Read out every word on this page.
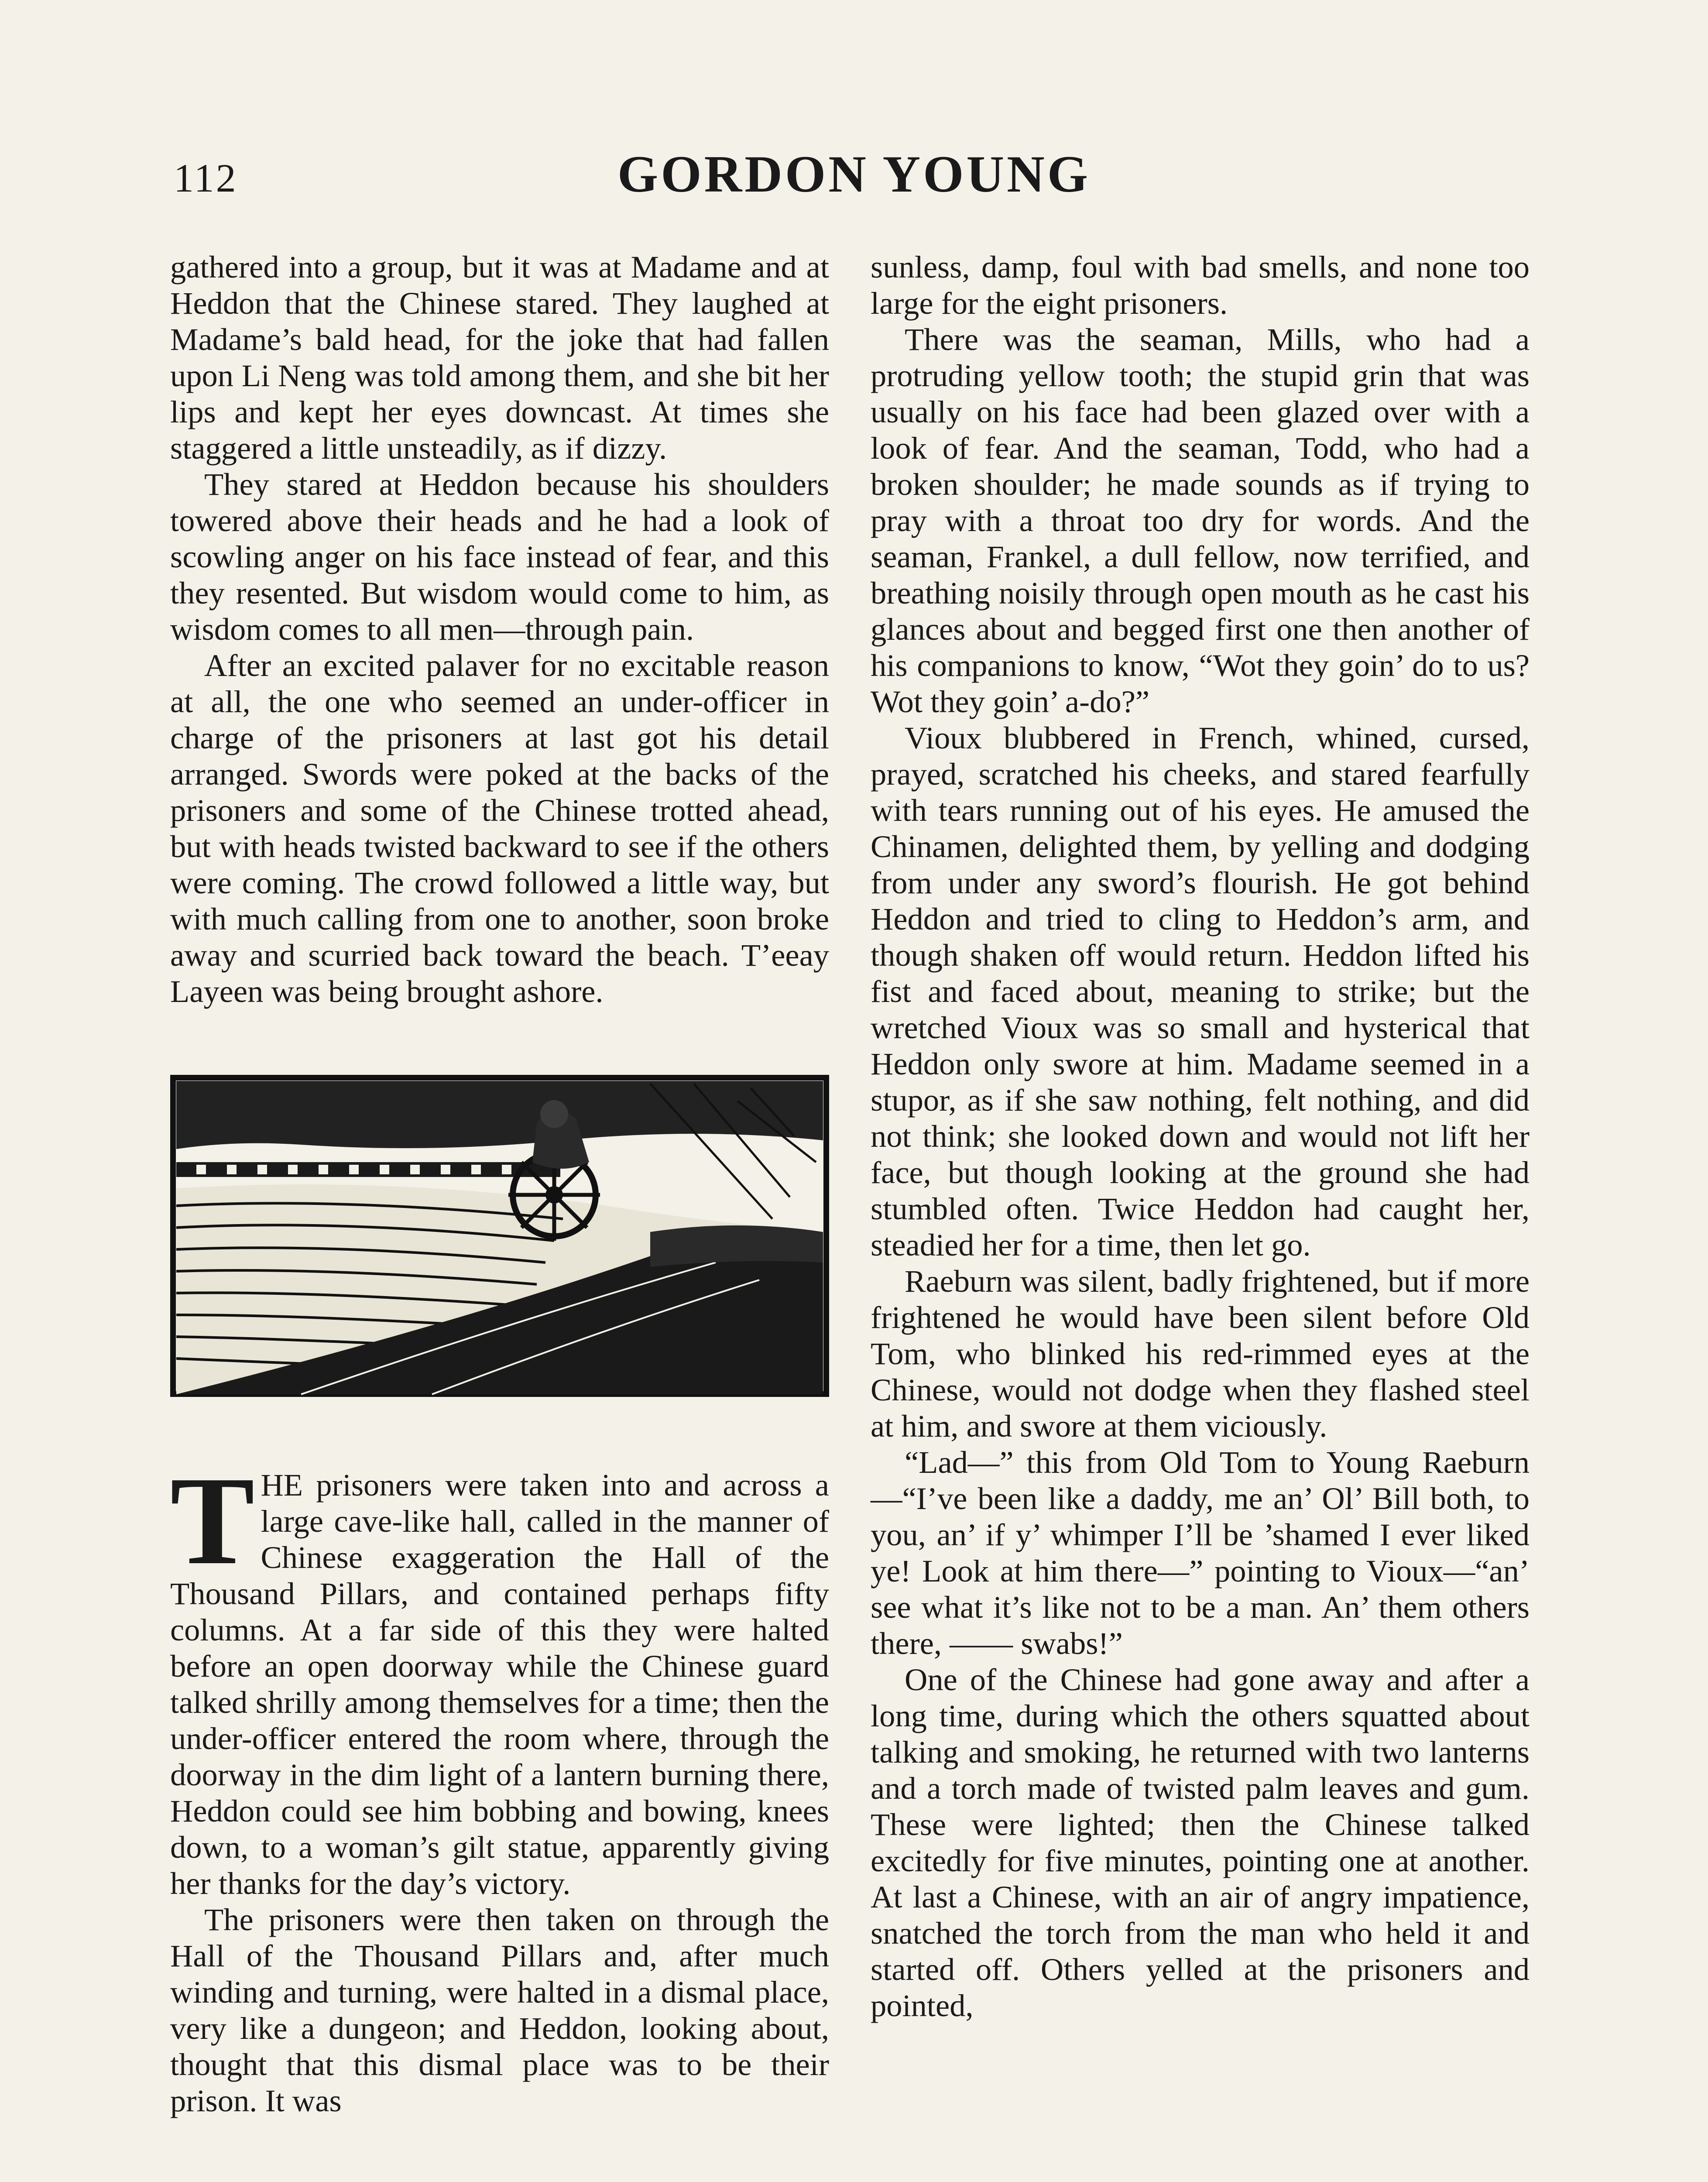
112	GORDON YOUNG

gathered into a group, but it was at Madame and at Heddon that the Chinese stared. They laughed at Madame’s bald head, for the joke that had fallen upon Li Neng was told among them, and she bit her lips and kept her eyes downcast. At times she staggered a little unsteadily, as if dizzy.

They stared at Heddon because his shoulders towered above their heads and he had a look of scowling anger on his face instead of fear, and this they resented. But wisdom would come to him, as wisdom comes to all men—through pain.

After an excited palaver for no excitable reason at all, the one who seemed an under-officer in charge of the prisoners at last got his detail arranged. Swords were poked at the backs of the prisoners and some of the Chinese trotted ahead, but with heads twisted backward to see if the others were coming. The crowd followed a little way, but with much calling from one to another, soon broke away and scurried back toward the beach. T’eeay Layeen was being brought ashore.

THE prisoners were taken into and across a large cave-like hall, called in the manner of Chinese exaggeration the Hall of the Thousand Pillars, and contained perhaps fifty columns. At a far side of this they were halted before an open doorway while the Chinese guard talked shrilly among themselves for a time; then the under-officer entered the room where, through the doorway in the dim light of a lantern burning there, Heddon could see him bobbing and bowing, knees down, to a woman’s gilt statue, apparently giving her thanks for the day’s victory.

The prisoners were then taken on through the Hall of the Thousand Pillars and, after much winding and turning, were halted in a dismal place, very like a dungeon; and Heddon, looking about, thought that this dismal place was to be their prison. It was

sunless, damp, foul with bad smells, and none too large for the eight prisoners.

There was the seaman, Mills, who had a protruding yellow tooth; the stupid grin that was usually on his face had been glazed over with a look of fear. And the seaman, Todd, who had a broken shoulder; he made sounds as if trying to pray with a throat too dry for words. And the seaman, Frankel, a dull fellow, now terrified, and breathing noisily through open mouth as he cast his glances about and begged first one then another of his companions to know, “Wot they goin’ do to us? Wot they goin’ a-do?”

Vioux blubbered in French, whined, cursed, prayed, scratched his cheeks, and stared fearfully with tears running out of his eyes. He amused the Chinamen, delighted them, by yelling and dodging from under any sword’s flourish. He got behind Heddon and tried to cling to Heddon’s arm, and though shaken off would return. Heddon lifted his fist and faced about, meaning to strike; but the wretched Vioux was so small and hysterical that Heddon only swore at him. Madame seemed in a stupor, as if she saw nothing, felt nothing, and did not think; she looked down and would not lift her face, but though looking at the ground she had stumbled often. Twice Heddon had caught her, steadied her for a time, then let go.

Raeburn was silent, badly frightened, but if more frightened he would have been silent before Old Tom, who blinked his red-rimmed eyes at the Chinese, would not dodge when they flashed steel at him, and swore at them viciously.

“Lad—” this from Old Tom to Young Raeburn—“I’ve been like a daddy, me an’ Ol’ Bill both, to you, an’ if y’ whimper I’ll be ’shamed I ever liked ye! Look at him there—” pointing to Vioux—“an’ see what it’s like not to be a man. An’ them others there, —— swabs!”

One of the Chinese had gone away and after a long time, during which the others squatted about talking and smoking, he returned with two lanterns and a torch made of twisted palm leaves and gum. These were lighted; then the Chinese talked excitedly for five minutes, pointing one at another. At last a Chinese, with an air of angry impatience, snatched the torch from the man who held it and started off. Others yelled at the prisoners and pointed,
